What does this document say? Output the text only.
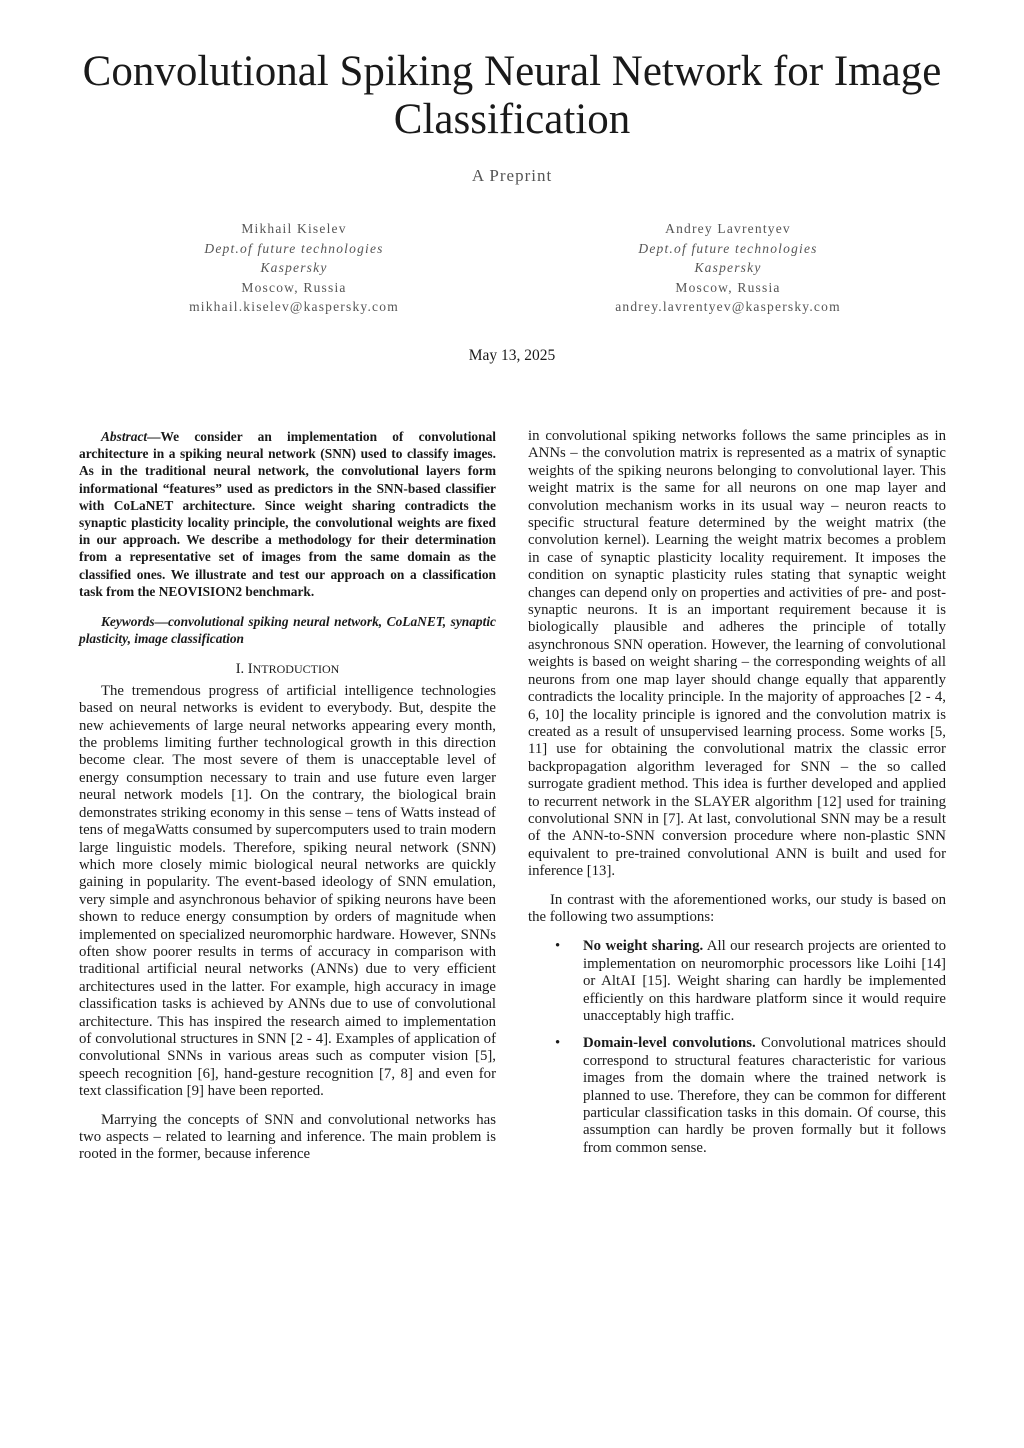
Convolutional Spiking Neural Network for Image Classification
A Preprint
Mikhail Kiselev
Dept.of future technologies
Kaspersky
Moscow, Russia
mikhail.kiselev@kaspersky.com
Andrey Lavrentyev
Dept.of future technologies
Kaspersky
Moscow, Russia
andrey.lavrentyev@kaspersky.com
May 13, 2025

Abstract—We consider an implementation of convolutional architecture in a spiking neural network (SNN) used to classify images. As in the traditional neural network, the convolutional layers form informational “features” used as predictors in the SNN-based classifier with CoLaNET architecture. Since weight sharing contradicts the synaptic plasticity locality principle, the convolutional weights are fixed in our approach. We describe a methodology for their determination from a representative set of images from the same domain as the classified ones. We illustrate and test our approach on a classification task from the NEOVISION2 benchmark.

Keywords—convolutional spiking neural network, CoLaNET, synaptic plasticity, image classification

I. INTRODUCTION

The tremendous progress of artificial intelligence technologies based on neural networks is evident to everybody. But, despite the new achievements of large neural networks appearing every month, the problems limiting further technological growth in this direction become clear. The most severe of them is unacceptable level of energy consumption necessary to train and use future even larger neural network models [1]. On the contrary, the biological brain demonstrates striking economy in this sense – tens of Watts instead of tens of megaWatts consumed by supercomputers used to train modern large linguistic models. Therefore, spiking neural network (SNN) which more closely mimic biological neural networks are quickly gaining in popularity. The event-based ideology of SNN emulation, very simple and asynchronous behavior of spiking neurons have been shown to reduce energy consumption by orders of magnitude when implemented on specialized neuromorphic hardware. However, SNNs often show poorer results in terms of accuracy in comparison with traditional artificial neural networks (ANNs) due to very efficient architectures used in the latter. For example, high accuracy in image classification tasks is achieved by ANNs due to use of convolutional architecture. This has inspired the research aimed to implementation of convolutional structures in SNN [2 - 4]. Examples of application of convolutional SNNs in various areas such as computer vision [5], speech recognition [6], hand-gesture recognition [7, 8] and even for text classification [9] have been reported.

Marrying the concepts of SNN and convolutional networks has two aspects – related to learning and inference. The main problem is rooted in the former, because inference

in convolutional spiking networks follows the same principles as in ANNs – the convolution matrix is represented as a matrix of synaptic weights of the spiking neurons belonging to convolutional layer. This weight matrix is the same for all neurons on one map layer and convolution mechanism works in its usual way – neuron reacts to specific structural feature determined by the weight matrix (the convolution kernel). Learning the weight matrix becomes a problem in case of synaptic plasticity locality requirement. It imposes the condition on synaptic plasticity rules stating that synaptic weight changes can depend only on properties and activities of pre- and post-synaptic neurons. It is an important requirement because it is biologically plausible and adheres the principle of totally asynchronous SNN operation. However, the learning of convolutional weights is based on weight sharing – the corresponding weights of all neurons from one map layer should change equally that apparently contradicts the locality principle. In the majority of approaches [2 - 4, 6, 10] the locality principle is ignored and the convolution matrix is created as a result of unsupervised learning process. Some works [5, 11] use for obtaining the convolutional matrix the classic error backpropagation algorithm leveraged for SNN – the so called surrogate gradient method. This idea is further developed and applied to recurrent network in the SLAYER algorithm [12] used for training convolutional SNN in [7]. At last, convolutional SNN may be a result of the ANN-to-SNN conversion procedure where non-plastic SNN equivalent to pre-trained convolutional ANN is built and used for inference [13].

In contrast with the aforementioned works, our study is based on the following two assumptions:

• No weight sharing. All our research projects are oriented to implementation on neuromorphic processors like Loihi [14] or AltAI [15]. Weight sharing can hardly be implemented efficiently on this hardware platform since it would require unacceptably high traffic.
• Domain-level convolutions. Convolutional matrices should correspond to structural features characteristic for various images from the domain where the trained network is planned to use. Therefore, they can be common for different particular classification tasks in this domain. Of course, this assumption can hardly be proven formally but it follows from common sense.
